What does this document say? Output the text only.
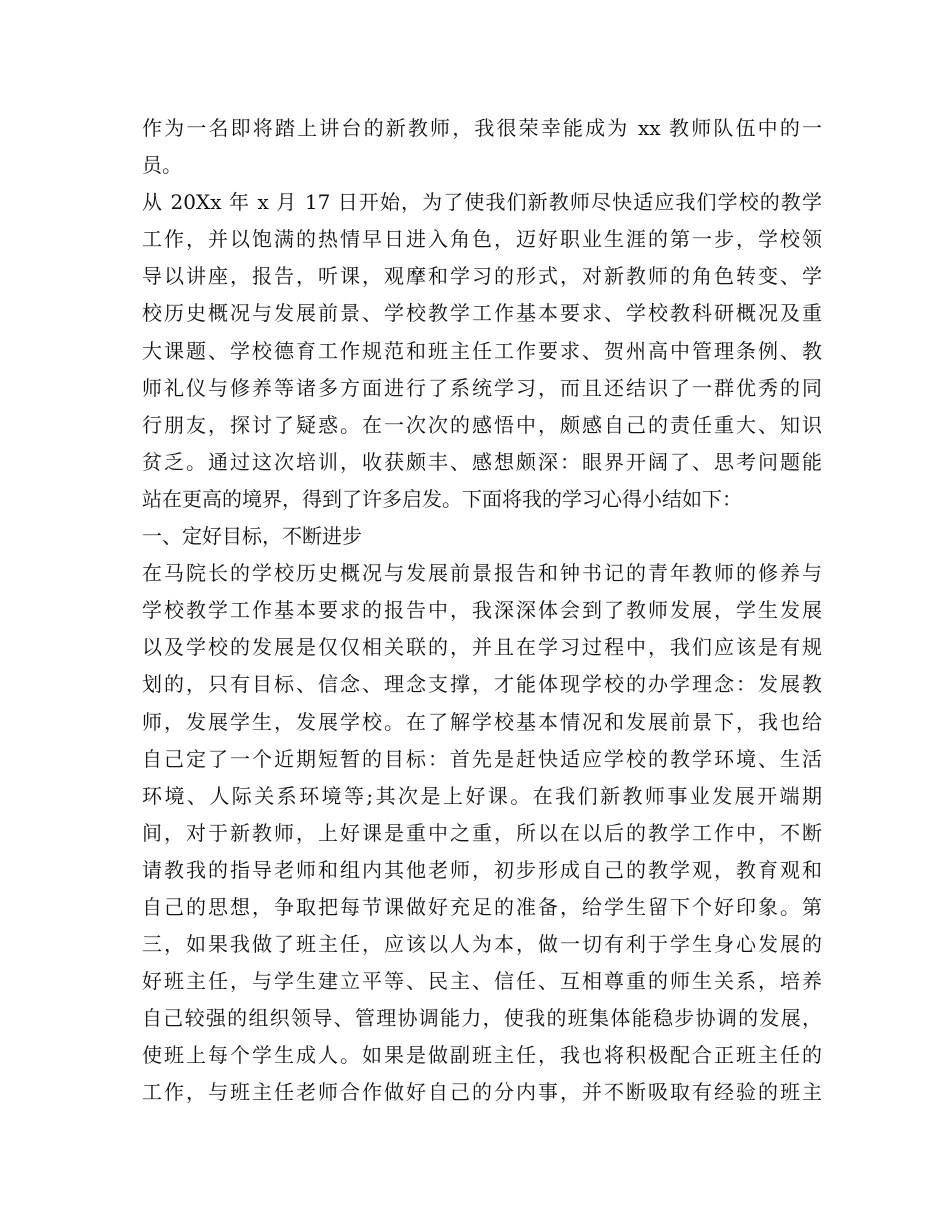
作为一名即将踏上讲台的新教师，我很荣幸能成为 xx 教师队伍中的一

员。

从 20Xx 年 x 月 17 日开始，为了使我们新教师尽快适应我们学校的教学

工作，并以饱满的热情早日进入角色，迈好职业生涯的第一步，学校领

导以讲座，报告，听课，观摩和学习的形式，对新教师的角色转变、学

校历史概况与发展前景、学校教学工作基本要求、学校教科研概况及重

大课题、学校德育工作规范和班主任工作要求、贺州高中管理条例、教

师礼仪与修养等诸多方面进行了系统学习，而且还结识了一群优秀的同

行朋友，探讨了疑惑。在一次次的感悟中，颇感自己的责任重大、知识

贫乏。通过这次培训，收获颇丰、感想颇深：眼界开阔了、思考问题能

站在更高的境界，得到了许多启发。下面将我的学习心得小结如下：

一、定好目标，不断进步

在马院长的学校历史概况与发展前景报告和钟书记的青年教师的修养与

学校教学工作基本要求的报告中，我深深体会到了教师发展，学生发展

以及学校的发展是仅仅相关联的，并且在学习过程中，我们应该是有规

划的，只有目标、信念、理念支撑，才能体现学校的办学理念：发展教

师，发展学生，发展学校。在了解学校基本情况和发展前景下，我也给

自己定了一个近期短暂的目标：首先是赶快适应学校的教学环境、生活

环境、人际关系环境等;其次是上好课。在我们新教师事业发展开端期

间，对于新教师，上好课是重中之重，所以在以后的教学工作中，不断

请教我的指导老师和组内其他老师，初步形成自己的教学观，教育观和

自己的思想，争取把每节课做好充足的准备，给学生留下个好印象。第

三，如果我做了班主任，应该以人为本，做一切有利于学生身心发展的

好班主任，与学生建立平等、民主、信任、互相尊重的师生关系，培养

自己较强的组织领导、管理协调能力，使我的班集体能稳步协调的发展，

使班上每个学生成人。如果是做副班主任，我也将积极配合正班主任的

工作，与班主任老师合作做好自己的分内事，并不断吸取有经验的班主
